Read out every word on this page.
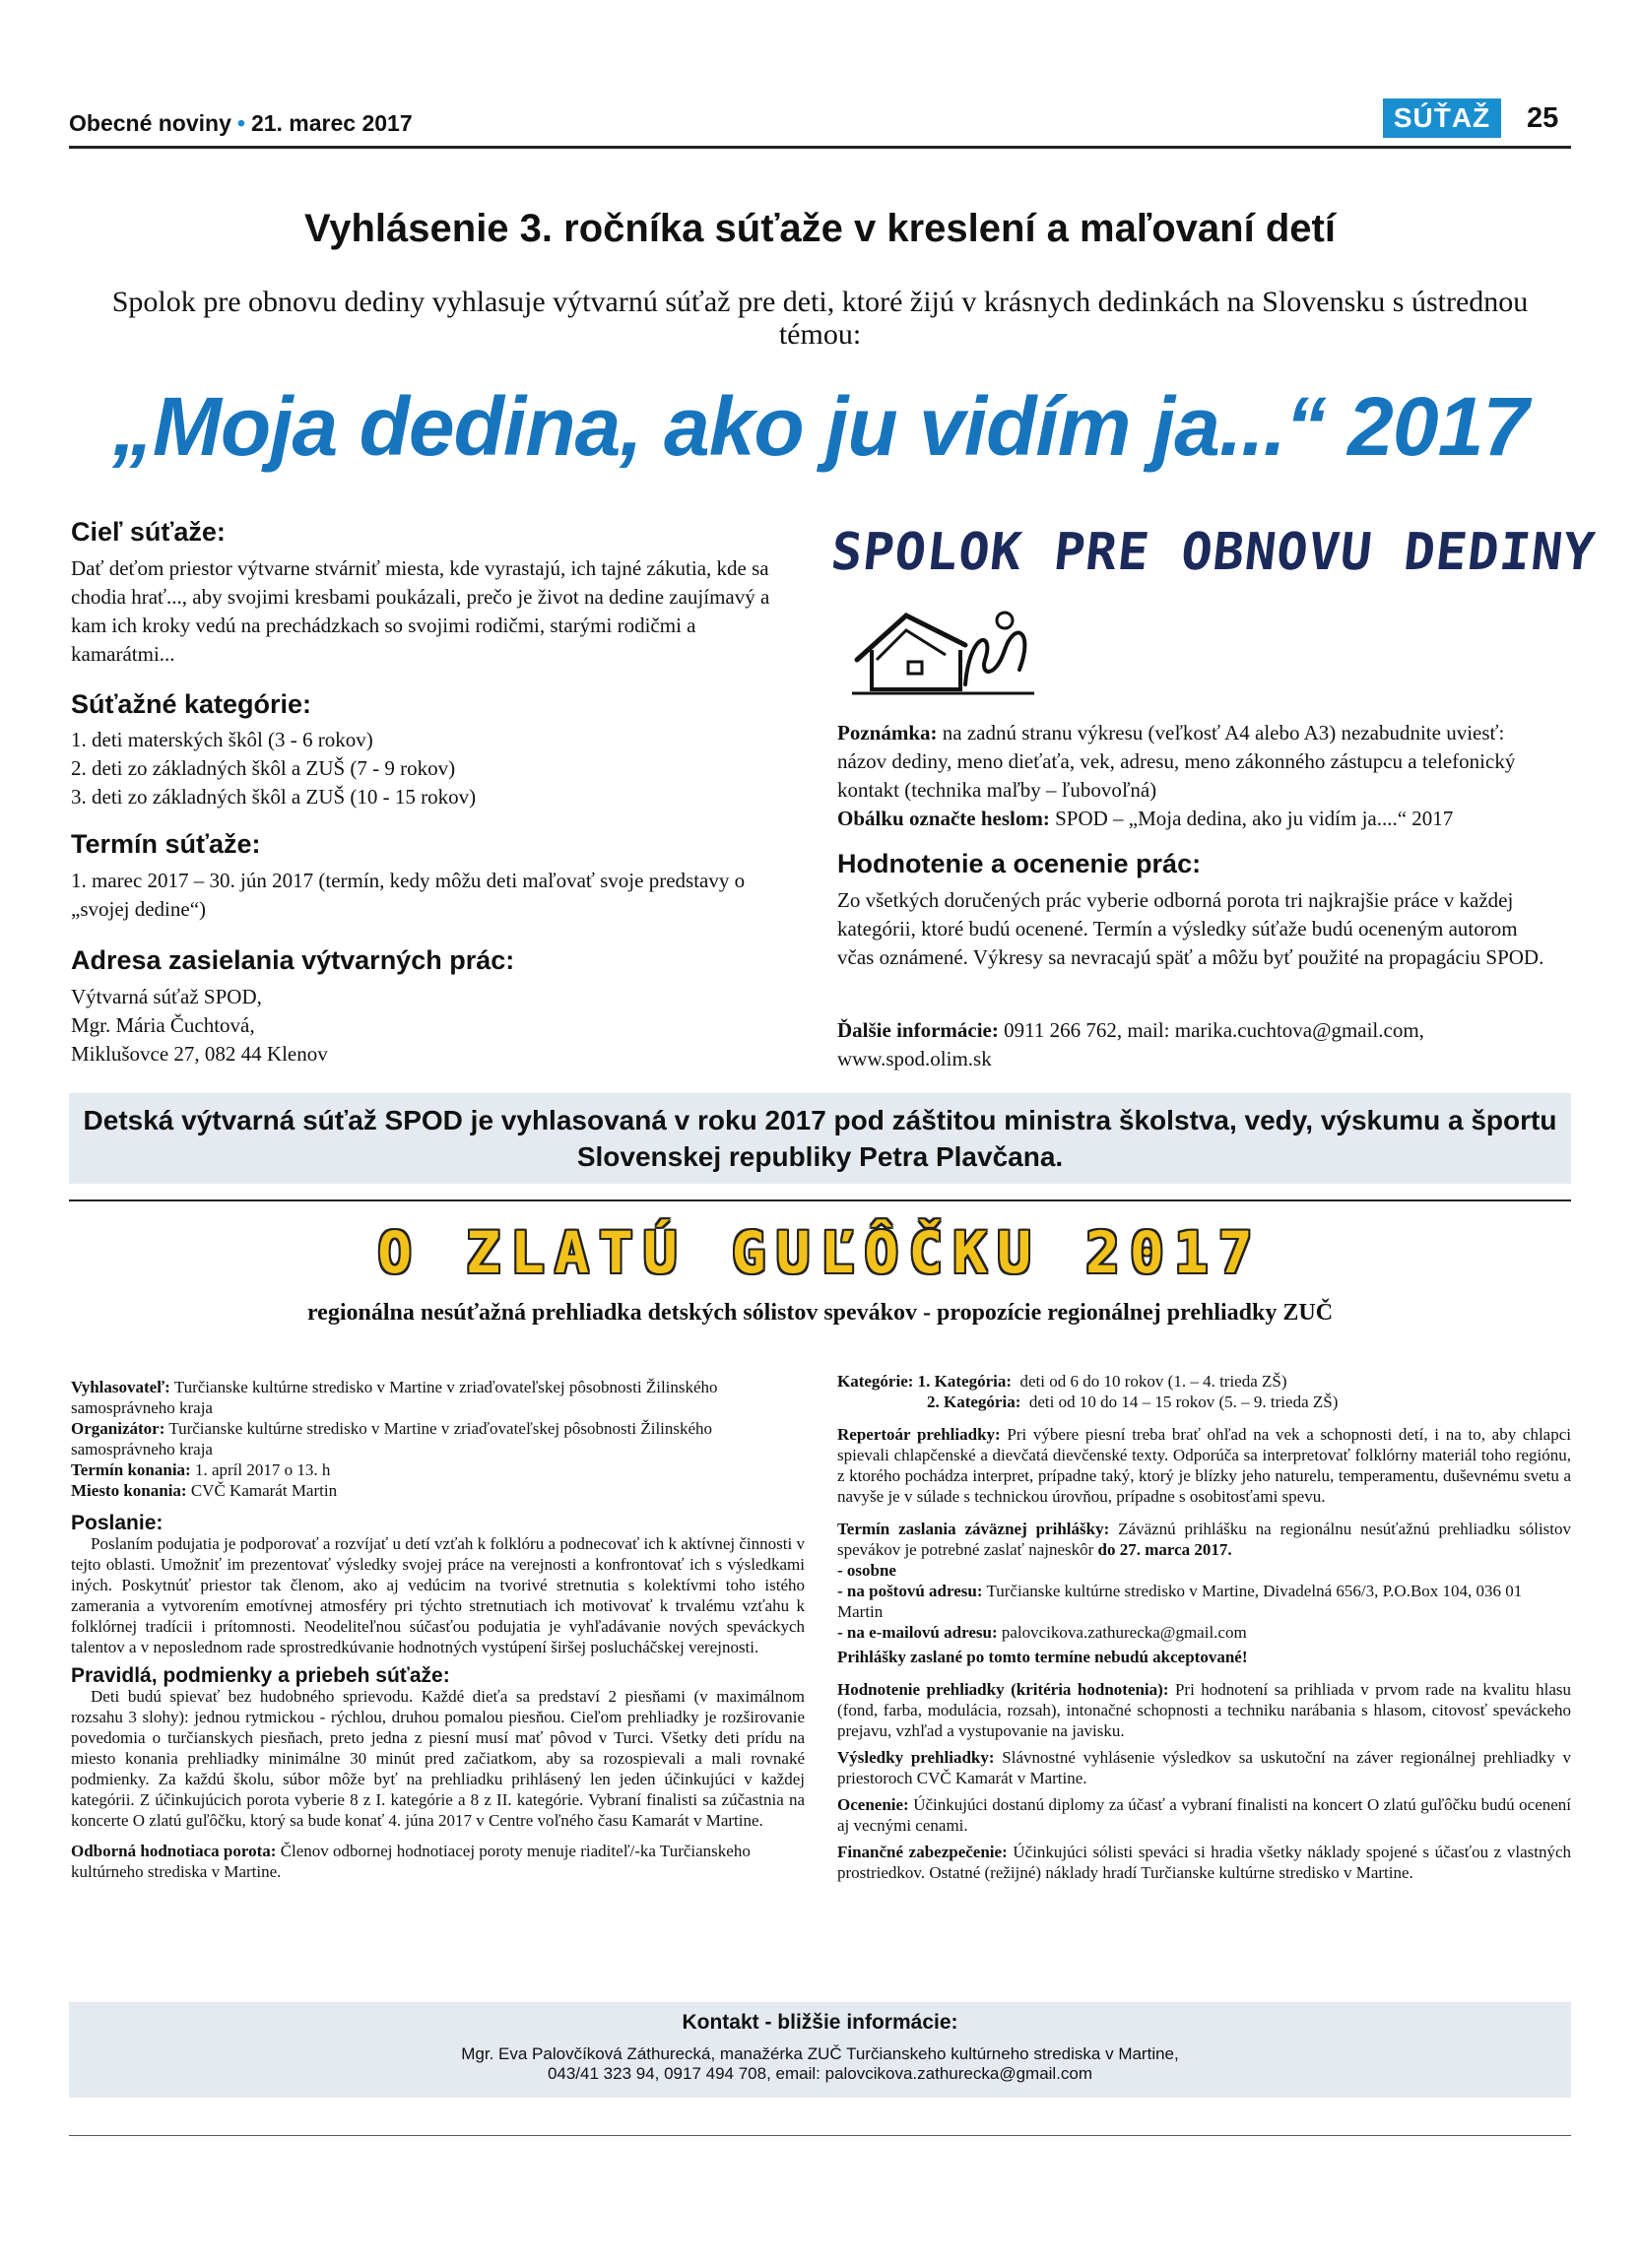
Obecné noviny • 21. marec 2017	SÚŤAŽ	25
Vyhlásenie 3. ročníka súťaže v kreslení a maľovaní detí
Spolok pre obnovu dediny vyhlasuje výtvarnú súťaž pre deti, ktoré žijú v krásnych dedinkách na Slovensku s ústrednou témou:
„Moja dedina, ako ju vidím ja...“ 2017
Cieľ súťaže:
Dať deťom priestor výtvarne stvárniť miesta, kde vyrastajú, ich tajné zákutia, kde sa chodia hrať..., aby svojimi kresbami poukázali, prečo je život na dedine zaujímavý a kam ich kroky vedú na prechádzkach so svojimi rodičmi, starými rodičmi a kamarátmi...
Súťažné kategórie:
1. deti materských škôl (3 - 6 rokov)
2. deti zo základných škôl a ZUŠ (7 - 9 rokov)
3. deti zo základných škôl a ZUŠ (10 - 15 rokov)
Termín súťaže:
1. marec 2017 – 30. jún 2017 (termín, kedy môžu deti maľovať svoje predstavy o „svojej dedine“)
Adresa zasielania výtvarných prác:
Výtvarná súťaž SPOD,
Mgr. Mária Čuchtová,
Miklušovce 27, 082 44 Klenov
SPOLOK PRE OBNOVU DEDINY
Poznámka: na zadnú stranu výkresu (veľkosť A4 alebo A3) nezabudnite uviesť: názov dediny, meno dieťaťa, vek, adresu, meno zákonného zástupcu a telefonický kontakt (technika maľby – ľubovoľná)
Obálku označte heslom: SPOD – „Moja dedina, ako ju vidím ja....“ 2017
Hodnotenie a ocenenie prác:
Zo všetkých doručených prác vyberie odborná porota tri najkrajšie práce v každej kategórii, ktoré budú ocenené. Termín a výsledky súťaže budú oceneným autorom včas oznámené. Výkresy sa nevracajú späť a môžu byť použité na propagáciu SPOD.
Ďalšie informácie: 0911 266 762, mail: marika.cuchtova@gmail.com, www.spod.olim.sk
Detská výtvarná súťaž SPOD je vyhlasovaná v roku 2017 pod záštitou ministra školstva, vedy, výskumu a športu Slovenskej republiky Petra Plavčana.
O ZLATÚ GUĽÔČKU 2017
regionálna nesúťažná prehliadka detských sólistov spevákov - propozície regionálnej prehliadky ZUČ
Vyhlasovateľ: Turčianske kultúrne stredisko v Martine v zriaďovateľskej pôsobnosti Žilinského samosprávneho kraja
Organizátor: Turčianske kultúrne stredisko v Martine v zriaďovateľskej pôsobnosti Žilinského samosprávneho kraja
Termín konania: 1. apríl 2017 o 13. h
Miesto konania: CVČ Kamarát Martin
Poslanie:
Poslaním podujatia je podporovať a rozvíjať u detí vzťah k folklóru a podnecovať ich k aktívnej činnosti v tejto oblasti. Umožniť im prezentovať výsledky svojej práce na verejnosti a konfrontovať ich s výsledkami iných. Poskytnúť priestor tak členom, ako aj vedúcim na tvorivé stretnutia s kolektívmi toho istého zamerania a vytvorením emotívnej atmosféry pri týchto stretnutiach ich motivovať k trvalému vzťahu k folklórnej tradícii i prítomnosti. Neodeliteľnou súčasťou podujatia je vyhľadávanie nových speváckych talentov a v neposlednom rade sprostredkúvanie hodnotných vystúpení širšej poslucháčskej verejnosti.
Pravidlá, podmienky a priebeh súťaže:
Deti budú spievať bez hudobného sprievodu. Každé dieťa sa predstaví 2 piesňami (v maximálnom rozsahu 3 slohy): jednou rytmickou - rýchlou, druhou pomalou piesňou. Cieľom prehliadky je rozširovanie povedomia o turčianskych piesňach, preto jedna z piesní musí mať pôvod v Turci. Všetky deti prídu na miesto konania prehliadky minimálne 30 minút pred začiatkom, aby sa rozospievali a mali rovnaké podmienky. Za každú školu, súbor môže byť na prehliadku prihlásený len jeden účinkujúci v každej kategórii. Z účinkujúcich porota vyberie 8 z I. kategórie a 8 z II. kategórie. Vybraní finalisti sa zúčastnia na koncerte O zlatú guľôčku, ktorý sa bude konať 4. júna 2017 v Centre voľného času Kamarát v Martine.
Odborná hodnotiaca porota: Členov odbornej hodnotiacej poroty menuje riaditeľ/-ka Turčianskeho kultúrneho strediska v Martine.
Kategórie: 1. Kategória: deti od 6 do 10 rokov (1. – 4. trieda ZŠ)
2. Kategória: deti od 10 do 14 – 15 rokov (5. – 9. trieda ZŠ)
Repertoár prehliadky: Pri výbere piesní treba brať ohľad na vek a schopnosti detí, i na to, aby chlapci spievali chlapčenské a dievčatá dievčenské texty. Odporúča sa interpretovať folklórny materiál toho regiónu, z ktorého pochádza interpret, prípadne taký, ktorý je blízky jeho naturelu, temperamentu, duševnému svetu a navyše je v súlade s technickou úrovňou, prípadne s osobitosťami spevu.
Termín zaslania záväznej prihlášky: Záväznú prihlášku na regionálnu nesúťažnú prehliadku sólistov spevákov je potrebné zaslať najneskôr do 27. marca 2017.
- osobne
- na poštovú adresu: Turčianske kultúrne stredisko v Martine, Divadelná 656/3, P.O.Box 104, 036 01 Martin
- na e-mailovú adresu: palovcikova.zathurecka@gmail.com
Prihlášky zaslané po tomto termíne nebudú akceptované!
Hodnotenie prehliadky (kritéria hodnotenia): Pri hodnotení sa prihliada v prvom rade na kvalitu hlasu (fond, farba, modulácia, rozsah), intonačné schopnosti a techniku narábania s hlasom, citovosť speváckeho prejavu, vzhľad a vystupovanie na javisku.
Výsledky prehliadky: Slávnostné vyhlásenie výsledkov sa uskutoční na záver regionálnej prehliadky v priestoroch CVČ Kamarát v Martine.
Ocenenie: Účinkujúci dostanú diplomy za účasť a vybraní finalisti na koncert O zlatú guľôčku budú ocenení aj vecnými cenami.
Finančné zabezpečenie: Účinkujúci sólisti speváci si hradia všetky náklady spojené s účasťou z vlastných prostriedkov. Ostatné (režijné) náklady hradí Turčianske kultúrne stredisko v Martine.
Kontakt - bližšie informácie:
Mgr. Eva Palovčíková Záthurecká, manažérka ZUČ Turčianskeho kultúrneho strediska v Martine,
043/41 323 94, 0917 494 708, email: palovcikova.zathurecka@gmail.com
